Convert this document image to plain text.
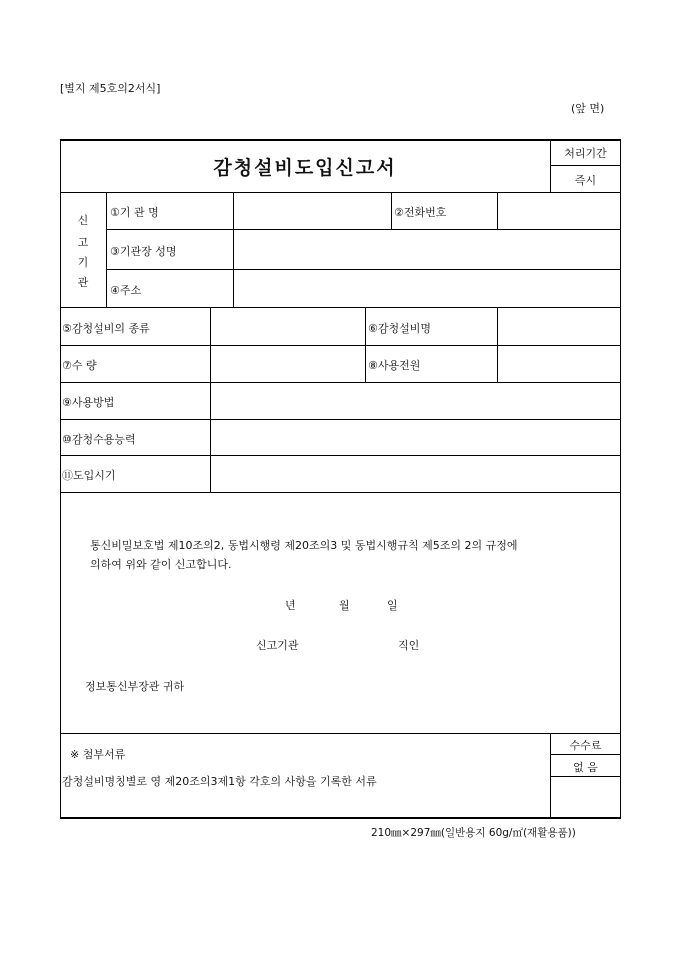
[별지 제5호의2서식]
(앞 면)
감청설비도입신고서
처리기간
즉시
신
고
기
관
①기 관 명	②전화번호
③기관장 성명
④주소
⑤감청설비의 종류	⑥감청설비명
⑦수 량	⑧사용전원
⑨사용방법
⑩감청수용능력
⑪도입시기
통신비밀보호법 제10조의2, 동법시행령 제20조의3 및 동법시행규칙 제5조의 2의 규정에
의하여 위와 같이 신고합니다.
년	월	일
신고기관	직인
정보통신부장관 귀하
※ 첨부서류
감청설비명칭별로 영 제20조의3제1항 각호의 사항을 기록한 서류
수수료
없 음
210㎜×297㎜(일반용지 60g/㎡(재활용품))
